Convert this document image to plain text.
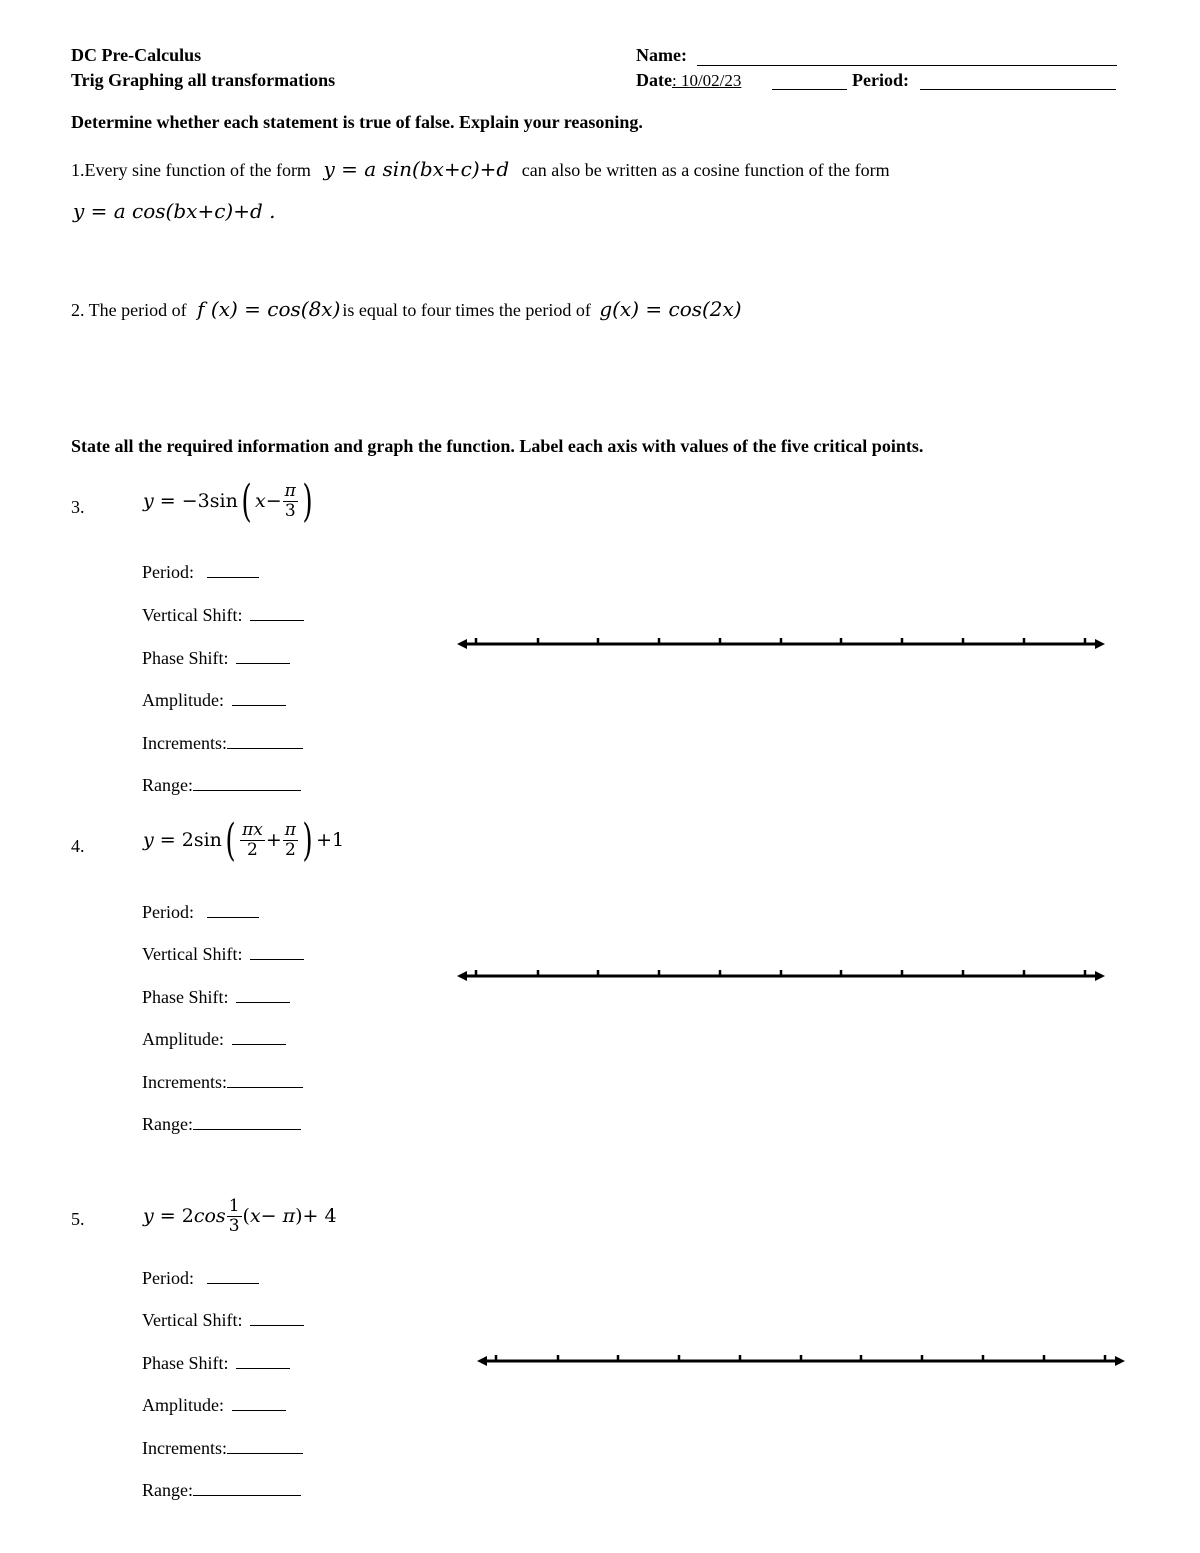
DC Pre-Calculus
Trig Graphing all transformations
Name:
Date: 10/02/23	Period:
Determine whether each statement is true of false. Explain your reasoning.
1.Every sine function of the form y = a sin(bx+c)+d can also be written as a cosine function of the form
y = a cos(bx+c)+d .
2. The period of f (x) = cos(8x) is equal to four times the period of g(x) = cos(2x)
State all the required information and graph the function. Label each axis with values of the five critical points.
3.	y = −3sin( $x- \frac{\pi}{3}$ )
Period:
Vertical Shift:
Phase Shift:
Amplitude:
Increments:
Range:
4.	$y = 2\sin( \frac{\pi x}{2} + \frac{\pi}{2}$ ) +1
Period:
Vertical Shift:
Phase Shift:
Amplitude:
Increments:
Range:
5.	$y = 2\cos \frac{1}{3} (x- \pi)+ 4$
Period:
Vertical Shift:
Phase Shift:
Amplitude:
Increments:
Range:
